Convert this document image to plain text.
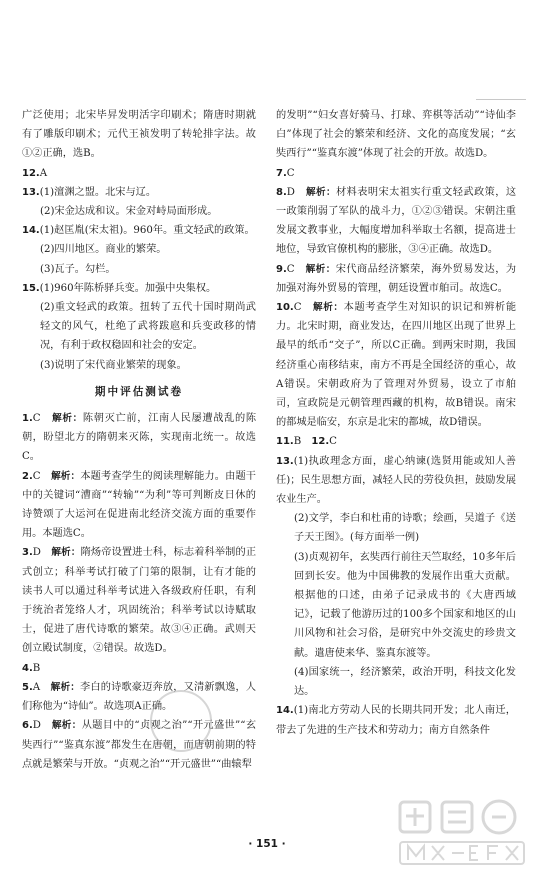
广泛使用；北宋毕昇发明活字印刷术；隋唐时期就有了雕版印刷术；元代王祯发明了转轮排字法。故①②正确，选B。

12.A

13.(1)澶渊之盟。北宋与辽。

(2)宋金达成和议。宋金对峙局面形成。

14.(1)赵匡胤(宋太祖)。960年。重文轻武的政策。

(2)四川地区。商业的繁荣。

(3)瓦子。勾栏。

15.(1)960年陈桥驿兵变。加强中央集权。

(2)重文轻武的政策。扭转了五代十国时期尚武轻文的风气，杜绝了武将跋扈和兵变政移的情况，有利于政权稳固和社会的安定。

(3)说明了宋代商业繁荣的现象。

期中评估测试卷

1.C　 解析：陈朝灭亡前，江南人民屡遭战乱的陈朝，盼望北方的隋朝来灭陈，实现南北统一。故选C。

2.C　 解析：本题考查学生的阅读理解能力。由题干中的关键词“漕商”“转输”“为利”等可判断皮日休的诗赞颂了大运河在促进南北经济交流方面的重要作用。本题选C。

3.D　 解析：隋炀帝设置进士科，标志着科举制的正式创立；科举考试打破了门第的限制，让有才能的读书人可以通过科举考试进入各级政府任职，有利于统治者笼络人才，巩固统治；科举考试以诗赋取士，促进了唐代诗歌的繁荣。故③④正确。武则天创立殿试制度，②错误。故选D。

4.B

5.A　 解析：李白的诗歌豪迈奔放，又清新飘逸，人们称他为“诗仙”。故选项A正确。

6.D　 解析：从题目中的“贞观之治”“开元盛世”“玄奘西行”“鉴真东渡”都发生在唐朝，而唐朝前期的特点就是繁荣与开放。“贞观之治”“开元盛世”“曲辕犁

的发明”“妇女喜好骑马、打球、弈棋等活动”“诗仙李白”体现了社会的繁荣和经济、文化的高度发展；“玄奘西行”“鉴真东渡”体现了社会的开放。故选D。

7.C

8.D　 解析：材料表明宋太祖实行重文轻武政策，这一政策削弱了军队的战斗力，①②③错误。宋朝注重发展文教事业，大幅度增加科举取士名额，提高进士地位，导致官僚机构的膨胀，③④正确。故选D。

9.C　 解析：宋代商品经济繁荣，海外贸易发达，为加强对海外贸易的管理，朝廷设置市舶司。故选C。

10.C　 解析：本题考查学生对知识的识记和辨析能力。北宋时期，商业发达，在四川地区出现了世界上最早的纸币“交子”，所以C正确。到两宋时期，我国经济重心南移结束，南方不再是全国经济的重心，故A错误。宋朝政府为了管理对外贸易，设立了市舶司，宣政院是元朝管理西藏的机构，故B错误。南宋的都城是临安，东京是北宋的都城，故D错误。

11.B　 12.C

13.(1)执政理念方面，虚心纳谏(选贤用能或知人善任)；民生思想方面，减轻人民的劳役负担，鼓励发展农业生产。

(2)文学，李白和杜甫的诗歌；绘画，吴道子《送子天王图》。(每方面举一例)

(3)贞观初年，玄奘西行前往天竺取经，10多年后回到长安。他为中国佛教的发展作出重大贡献。根据他的口述，由弟子记录成书的《大唐西域记》，记载了他游历过的100多个国家和地区的山川风物和社会习俗，是研究中外交流史的珍贵文献。遣唐使来华、鉴真东渡等。

(4)国家统一，经济繁荣，政治开明，科技文化发达。

14.(1)南北方劳动人民的长期共同开发；北人南迁，带去了先进的生产技术和劳动力；南方自然条件

· 151 ·
